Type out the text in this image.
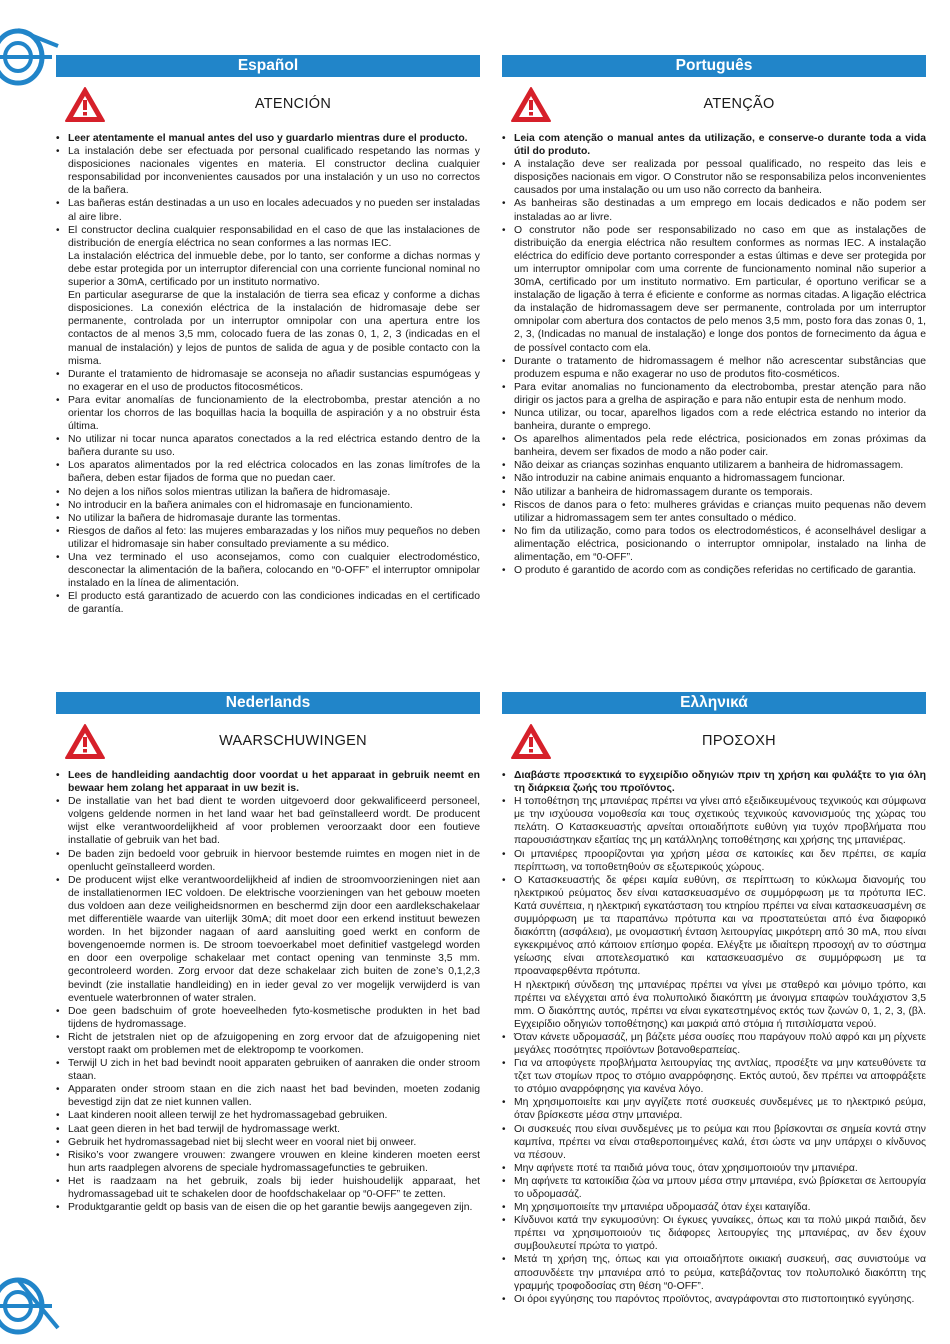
Español
ATENCIÓN
• Leer atentamente el manual antes del uso y guardarlo mientras dure el producto.
• La instalación debe ser efectuada por personal cualificado respetando las normas y disposiciones nacionales vigentes en materia. El constructor declina cualquier responsabilidad por inconvenientes causados por una instalación y un uso no correctos de la bañera.
• Las bañeras están destinadas a un uso en locales adecuados y no pueden ser instaladas al aire libre.
• El constructor declina cualquier responsabilidad en el caso de que las instalaciones de distribución de energía eléctrica no sean conformes a las normas IEC.
La instalación eléctrica del inmueble debe, por lo tanto, ser conforme a dichas normas y debe estar protegida por un interruptor diferencial con una corriente funcional nominal no superior a 30mA, certificado por un instituto normativo.
En particular asegurarse de que la instalación de tierra sea eficaz y conforme a dichas disposiciones. La conexión eléctrica de la instalación de hidromasaje debe ser permanente, controlada por un interruptor omnipolar con una apertura entre los contactos de al menos 3,5 mm, colocado fuera de las zonas 0, 1, 2, 3 (indicadas en el manual de instalación) y lejos de puntos de salida de agua y de posible contacto con la misma.
• Durante el tratamiento de hidromasaje se aconseja no añadir sustancias espumógeas y no exagerar en el uso de productos fitocosméticos.
• Para evitar anomalías de funcionamiento de la electrobomba, prestar atención a no orientar los chorros de las boquillas hacia la boquilla de aspiración y a no obstruir ésta última.
• No utilizar ni tocar nunca aparatos conectados a la red eléctrica estando dentro de la bañera durante su uso.
• Los aparatos alimentados por la red eléctrica colocados en las zonas limítrofes de la bañera, deben estar fijados de forma que no puedan caer.
• No dejen a los niños solos mientras utilizan la bañera de hidromasaje.
• No introducir en la bañera animales con el hidromasaje en funcionamiento.
• No utilizar la bañera de hidromasaje durante las tormentas.
• Riesgos de daños al feto: las mujeres embarazadas y los niños muy pequeños no deben utilizar el hidromasaje sin haber consultado previamente a su médico.
• Una vez terminado el uso aconsejamos, como con cualquier electrodoméstico, desconectar la alimentación de la bañera, colocando en “0-OFF” el interruptor omnipolar instalado en la línea de alimentación.
• El producto está garantizado de acuerdo con las condiciones indicadas en el certificado de garantía.
Português
ATENÇÃO
• Leia com atenção o manual antes da utilização, e conserve-o durante toda a vida útil do produto.
• A instalação deve ser realizada por pessoal qualificado, no respeito das leis e disposições nacionais em vigor. O Construtor não se responsabiliza pelos inconvenientes causados por uma instalação ou um uso não correcto da banheira.
• As banheiras são destinadas a um emprego em locais dedicados e não podem ser instaladas ao ar livre.
• O construtor não pode ser responsabilizado no caso em que as instalações de distribuição da energia eléctrica não resultem conformes as normas IEC. A instalação eléctrica do edifício deve portanto corresponder a estas últimas e deve ser protegida por um interruptor omnipolar com uma corrente de funcionamento nominal não superior a 30mA, certificado por um instituto normativo. Em particular, é oportuno verificar se a instalação de ligação à terra é eficiente e conforme as normas citadas. A ligação eléctrica da instalação de hidromassagem deve ser permanente, controlada por um interruptor omnipolar com abertura dos contactos de pelo menos 3,5 mm, posto fora das zonas 0, 1, 2, 3, (Indicadas no manual de instalação) e longe dos pontos de fornecimento da água e de possível contacto com ela.
• Durante o tratamento de hidromassagem é melhor não acrescentar substâncias que produzem espuma e não exagerar no uso de produtos fito-cosméticos.
• Para evitar anomalias no funcionamento da electrobomba, prestar atenção para não dirigir os jactos para a grelha de aspiração e para não entupir esta de nenhum modo.
• Nunca utilizar, ou tocar, aparelhos ligados com a rede eléctrica estando no interior da banheira, durante o emprego.
• Os aparelhos alimentados pela rede eléctrica, posicionados em zonas próximas da banheira, devem ser fixados de modo a não poder cair.
• Não deixar as crianças sozinhas enquanto utilizarem a banheira de hidromassagem.
• Não introduzir na cabine animais enquanto a hidromassagem funcionar.
• Não utilizar a banheira de hidromassagem durante os temporais.
• Riscos de danos para o feto: mulheres grávidas e crianças muito pequenas não devem utilizar a hidromassagem sem ter antes consultado o médico.
• No fim da utilização, como para todos os electrodomésticos, é aconselhável desligar a alimentação eléctrica, posicionando o interruptor omnipolar, instalado na linha de alimentação, em “0-OFF”.
• O produto é garantido de acordo com as condições referidas no certificado de garantia.
Nederlands
WAARSCHUWINGEN
• Lees de handleiding aandachtig door voordat u het apparaat in gebruik neemt en bewaar hem zolang het apparaat in uw bezit is.
• De installatie van het bad dient te worden uitgevoerd door gekwalificeerd personeel, volgens geldende normen in het land waar het bad geïnstalleerd wordt. De producent wijst elke verantwoordelijkheid af voor problemen veroorzaakt door een foutieve installatie of gebruik van het bad.
• De baden zijn bedoeld voor gebruik in hiervoor bestemde ruimtes en mogen niet in de openlucht geïnstalleerd worden.
• De producent wijst elke verantwoordelijkheid af indien de stroomvoorzieningen niet aan de installatienormen IEC voldoen. De elektrische voorzieningen van het gebouw moeten dus voldoen aan deze veiligheidsnormen en beschermd zijn door een aardlekschakelaar met differentiële waarde van uiterlijk 30mA; dit moet door een erkend instituut bewezen worden. In het bijzonder nagaan of aard aansluiting goed werkt en conform de bovengenoemde normen is. De stroom toevoerkabel moet definitief vastgelegd worden en door een overpolige schakelaar met contact opening van tenminste 3,5 mm. gecontroleerd worden. Zorg ervoor dat deze schakelaar zich buiten de zone’s 0,1,2,3 bevindt (zie installatie handleiding) en in ieder geval zo ver mogelijk verwijderd is van eventuele waterbronnen of water stralen.
• Doe geen badschuim of grote hoeveelheden fyto-kosmetische produkten in het bad tijdens de hydromassage.
• Richt de jetstralen niet op de afzuigopening en zorg ervoor dat de afzuigopening niet verstopt raakt om problemen met de elektropomp te voorkomen.
• Terwijl U zich in het bad bevindt nooit apparaten gebruiken of aanraken die onder stroom staan.
• Apparaten onder stroom staan en die zich naast het bad bevinden, moeten zodanig bevestigd zijn dat ze niet kunnen vallen.
• Laat kinderen nooit alleen terwijl ze het hydromassagebad gebruiken.
• Laat geen dieren in het bad terwijl de hydromassage werkt.
• Gebruik het hydromassagebad niet bij slecht weer en vooral niet bij onweer.
• Risiko’s voor zwangere vrouwen: zwangere vrouwen en kleine kinderen moeten eerst hun arts raadplegen alvorens de speciale hydromassagefuncties te gebruiken.
• Het is raadzaam na het gebruik, zoals bij ieder huishoudelijk apparaat, het hydromassagebad uit te schakelen door de hoofdschakelaar op “0-OFF” te zetten.
• Produktgarantie geldt op basis van de eisen die op het garantie bewijs aangegeven zijn.
Ελληνικά
ΠΡΟΣΟΧΗ
• Διαβάστε προσεκτικά το εγχειρίδιο οδηγιών πριν τη χρήση και φυλάξτε το για όλη τη διάρκεια ζωής του προϊόντος.
• Η τοποθέτηση της μπανιέρας πρέπει να γίνει από εξειδικευμένους τεχνικούς και σύμφωνα με την ισχύουσα νομοθεσία και τους σχετικούς τεχνικούς κανονισμούς της χώρας του πελάτη. Ο Κατασκευαστής αρνείται οποιαδήποτε ευθύνη για τυχόν προβλήματα που παρουσιάστηκαν εξαιτίας της μη κατάλληλης τοποθέτησης και χρήσης της μπανιέρας.
• Οι μπανιέρες προορίζονται για χρήση μέσα σε κατοικίες και δεν πρέπει, σε καμία περίπτωση, να τοποθετηθούν σε εξωτερικούς χώρους.
• Ο Κατασκευαστής δε φέρει καμία ευθύνη, σε περίπτωση το κύκλωμα διανομής του ηλεκτρικού ρεύματος δεν είναι κατασκευασμένο σε συμμόρφωση με τα πρότυπα IEC. Κατά συνέπεια, η ηλεκτρική εγκατάσταση του κτηρίου πρέπει να είναι κατασκευασμένη σε συμμόρφωση με τα παραπάνω πρότυπα και να προστατεύεται από ένα διαφορικό διακόπτη (ασφάλεια), με ονομαστική ένταση λειτουργίας μικρότερη από 30 mA, που είναι εγκεκριμένος από κάποιον επίσημο φορέα. Ελέγξτε με ιδιαίτερη προσοχή αν το σύστημα γείωσης είναι αποτελεσματικό και κατασκευασμένο σε συμμόρφωση με τα προαναφερθέντα πρότυπα.
Η ηλεκτρική σύνδεση της μπανιέρας πρέπει να γίνει με σταθερό και μόνιμο τρόπο, και πρέπει να ελέγχεται από ένα πολυπολικό διακόπτη με άνοιγμα επαφών τουλάχιστον 3,5 mm. Ο διακόπτης αυτός, πρέπει να είναι εγκατεστημένος εκτός των ζωνών 0, 1, 2, 3, (βλ. Εγχειρίδιο οδηγιών τοποθέτησης) και μακριά από στόμια ή πιτσιλίσματα νερού.
• Όταν κάνετε υδρομασάζ, μη βάζετε μέσα ουσίες που παράγουν πολύ αφρό και μη ρίχνετε μεγάλες ποσότητες προϊόντων βοτανοθεραπείας.
• Για να αποφύγετε προβλήματα λειτουργίας της αντλίας, προσέξτε να μην κατευθύνετε τα τζετ των στομίων προς το στόμιο αναρρόφησης. Εκτός αυτού, δεν πρέπει να αποφράξετε το στόμιο αναρρόφησης για κανένα λόγο.
• Μη χρησιμοποιείτε και μην αγγίζετε ποτέ συσκευές συνδεμένες με το ηλεκτρικό ρεύμα, όταν βρίσκεστε μέσα στην μπανιέρα.
• Οι συσκευές που είναι συνδεμένες με το ρεύμα και που βρίσκονται σε σημεία κοντά στην καμπίνα, πρέπει να είναι σταθεροποιημένες καλά, έτσι ώστε να μην υπάρχει ο κίνδυνος να πέσουν.
• Μην αφήνετε ποτέ τα παιδιά μόνα τους, όταν χρησιμοποιούν την μπανιέρα.
• Μη αφήνετε τα κατοικίδια ζώα να μπουν μέσα στην μπανιέρα, ενώ βρίσκεται σε λειτουργία το υδρομασάζ.
• Μη χρησιμοποιείτε την μπανιέρα υδρομασάζ όταν έχει καταιγίδα.
• Κίνδυνοι κατά την εγκυμοσύνη: Οι έγκυες γυναίκες, όπως και τα πολύ μικρά παιδιά, δεν πρέπει να χρησιμοποιούν τις διάφορες λειτουργίες της μπανιέρας, αν δεν έχουν συμβουλευτεί πρώτα το γιατρό.
• Μετά τη χρήση της, όπως και για οποιαδήποτε οικιακή συσκευή, σας συνιστούμε να αποσυνδέετε την μπανιέρα από το ρεύμα, κατεβάζοντας τον πολυπολικό διακόπτη της γραμμής τροφοδοσίας στη θέση “0-OFF”.
• Οι όροι εγγύησης του παρόντος προϊόντος, αναγράφονται στο πιστοποιητικό εγγύησης.
